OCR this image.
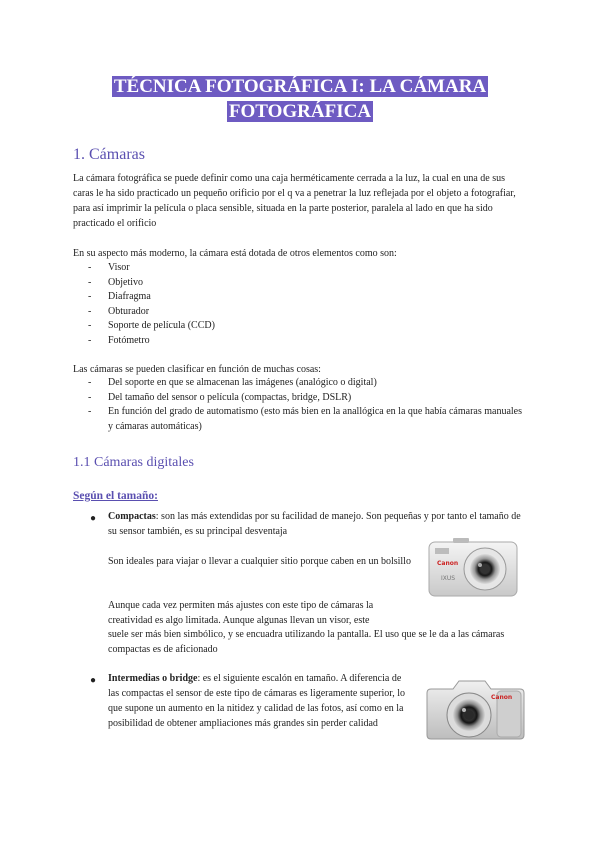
TÉCNICA FOTOGRÁFICA I: LA CÁMARA
FOTOGRÁFICA
1. Cámaras

La cámara fotográfica se puede definir como una caja herméticamente cerrada a la luz, la cual en una de sus caras le ha sido practicado un pequeño orificio por el q va a penetrar la luz reflejada por el objeto a fotografiar, para así imprimir la película o placa sensible, situada en la parte posterior, paralela al lado en que ha sido practicado el orificio

En su aspecto más moderno, la cámara está dotada de otros elementos como son:

- Visor
- Objetivo
- Diafragma
- Obturador
- Soporte de película (CCD)
- Fotómetro

Las cámaras se pueden clasificar en función de muchas cosas:

- Del soporte en que se almacenan las imágenes (analógico o digital)
- Del tamaño del sensor o película (compactas, bridge, DSLR)
- En función del grado de automatismo (esto más bien en la anallógica en la que había cámaras manuales y cámaras automáticas)
1.1 Cámaras digitales
Según el tamaño:
● Compactas: son las más extendidas por su facilidad de manejo. Son pequeñas y por tanto el tamaño de su sensor también, es su principal desventaja

Son ideales para viajar o llevar a cualquier sitio porque caben en un bolsillo

Aunque cada vez permiten más ajustes con este tipo de cámaras la creatividad es algo limitada. Aunque algunas llevan un visor, este

suele ser más bien simbólico, y se encuadra utilizando la pantalla. El uso que se le da a las cámaras compactas es de aficionado

Canon
IXUS
● Intermedias o bridge: es el siguiente escalón en tamaño. A diferencia de las compactas el sensor de este tipo de cámaras es ligeramente superior, lo que supone un aumento en la nitidez y calidad de las fotos, así como en la posibilidad de obtener ampliaciones más grandes sin perder calidad

Canon
